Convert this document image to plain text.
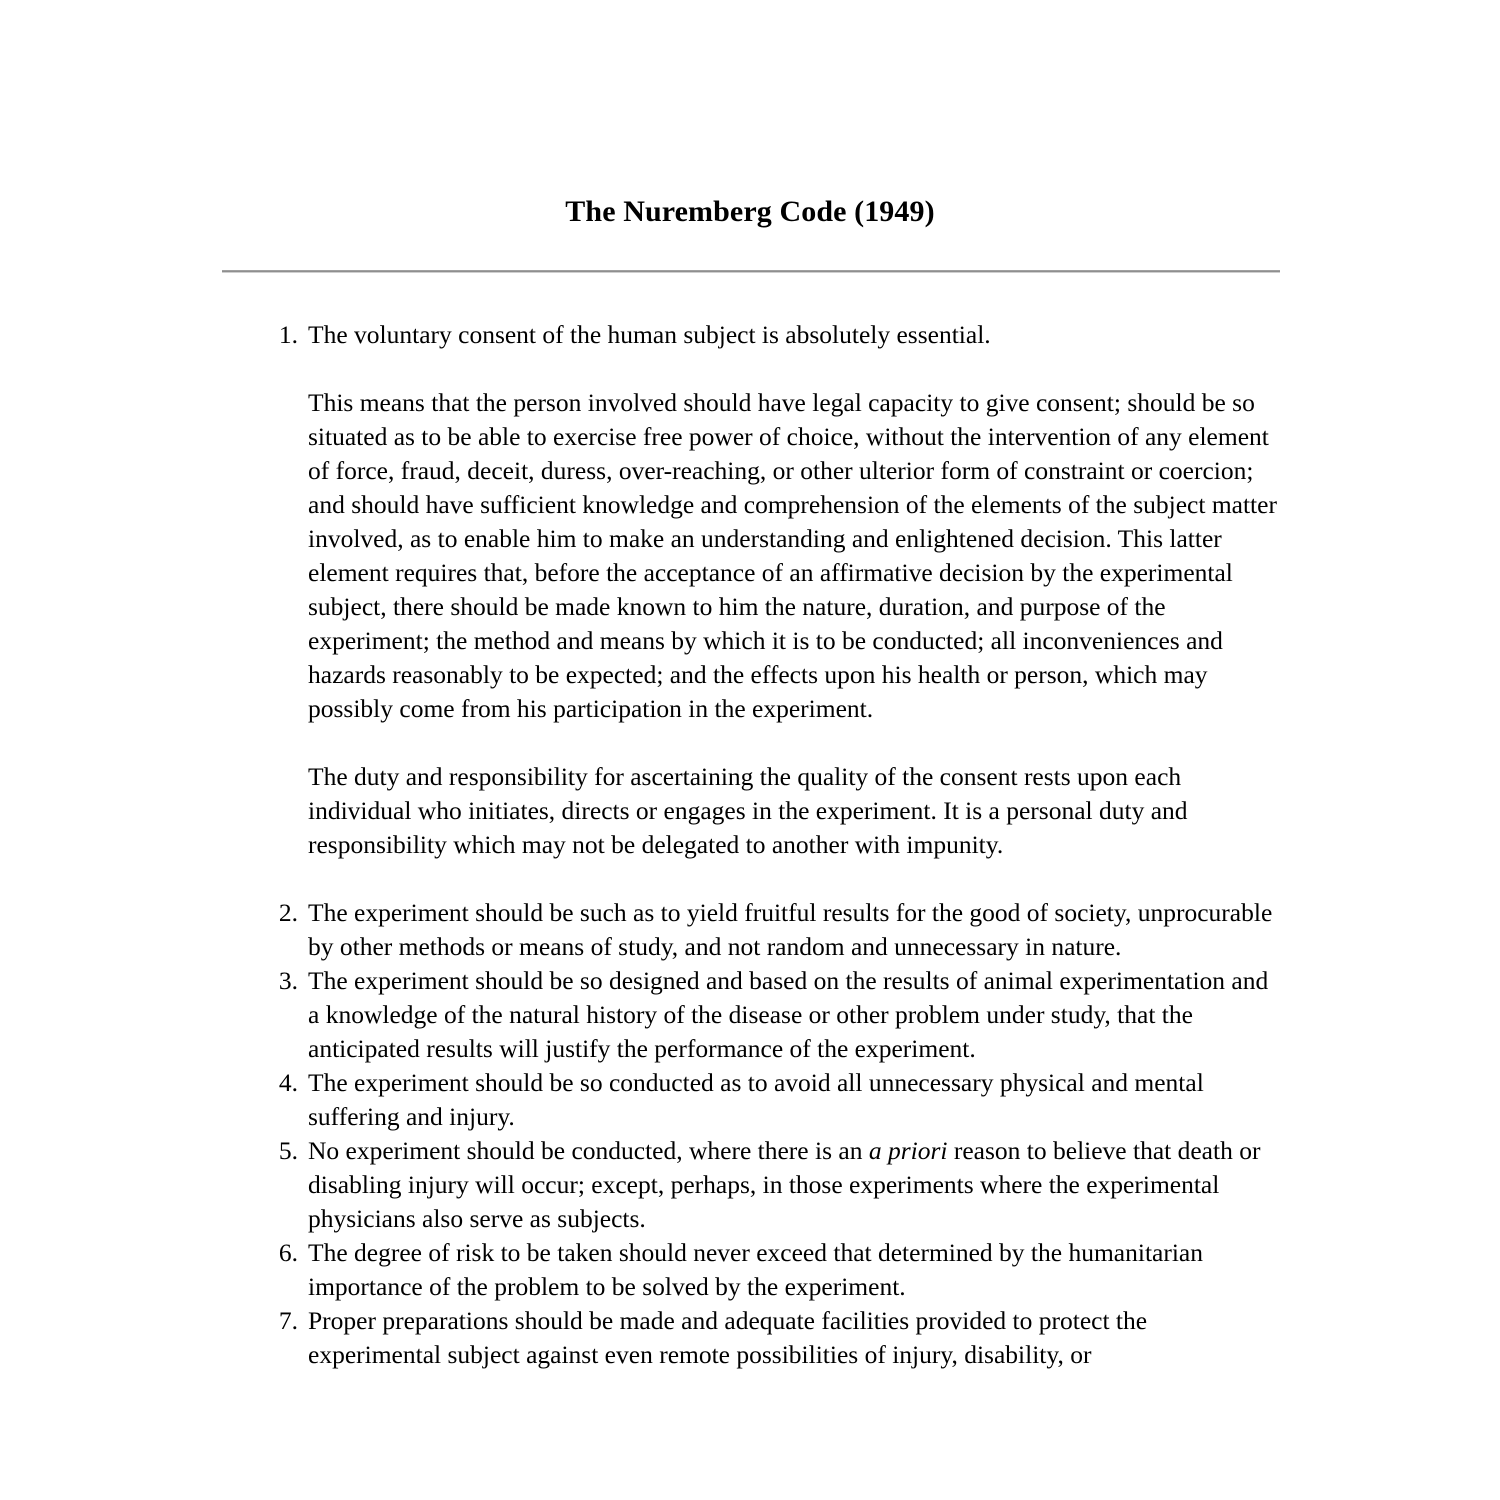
The Nuremberg Code (1949)
1. The voluntary consent of the human subject is absolutely essential.

This means that the person involved should have legal capacity to give consent; should be so situated as to be able to exercise free power of choice, without the intervention of any element of force, fraud, deceit, duress, over-reaching, or other ulterior form of constraint or coercion; and should have sufficient knowledge and comprehension of the elements of the subject matter involved, as to enable him to make an understanding and enlightened decision. This latter element requires that, before the acceptance of an affirmative decision by the experimental subject, there should be made known to him the nature, duration, and purpose of the experiment; the method and means by which it is to be conducted; all inconveniences and hazards reasonably to be expected; and the effects upon his health or person, which may possibly come from his participation in the experiment.

The duty and responsibility for ascertaining the quality of the consent rests upon each individual who initiates, directs or engages in the experiment. It is a personal duty and responsibility which may not be delegated to another with impunity.

2. The experiment should be such as to yield fruitful results for the good of society, unprocurable by other methods or means of study, and not random and unnecessary in nature.

3. The experiment should be so designed and based on the results of animal experimentation and a knowledge of the natural history of the disease or other problem under study, that the anticipated results will justify the performance of the experiment.

4. The experiment should be so conducted as to avoid all unnecessary physical and mental suffering and injury.

5. No experiment should be conducted, where there is an a priori reason to believe that death or disabling injury will occur; except, perhaps, in those experiments where the experimental physicians also serve as subjects.

6. The degree of risk to be taken should never exceed that determined by the humanitarian importance of the problem to be solved by the experiment.

7. Proper preparations should be made and adequate facilities provided to protect the experimental subject against even remote possibilities of injury, disability, or
